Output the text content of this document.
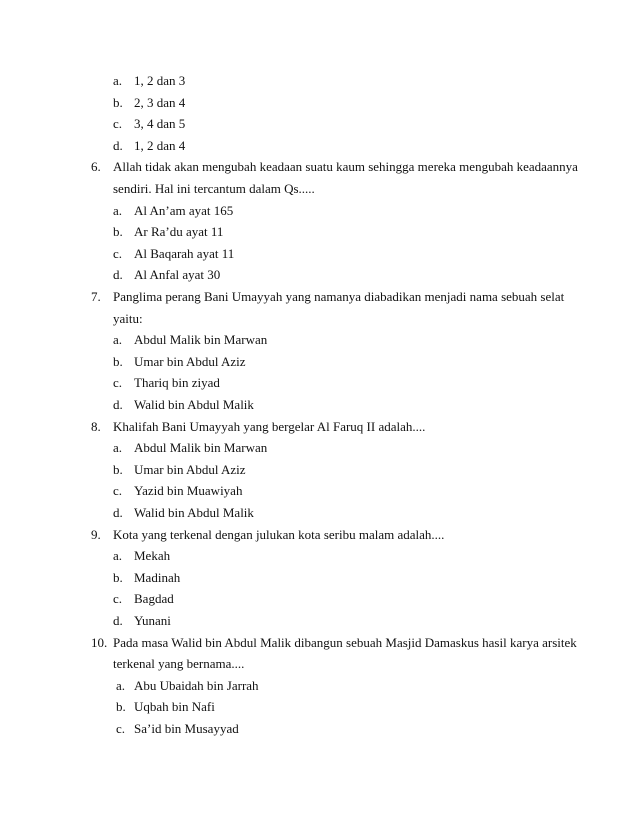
a. 1, 2 dan 3
b. 2, 3 dan 4
c. 3, 4 dan 5
d. 1, 2 dan 4
6. Allah tidak akan mengubah keadaan suatu kaum sehingga mereka mengubah keadaannya
sendiri. Hal ini tercantum dalam Qs.....
a. Al An’am ayat 165
b. Ar Ra’du ayat 11
c. Al Baqarah ayat 11
d. Al Anfal ayat 30
7. Panglima perang Bani Umayyah yang namanya diabadikan menjadi nama sebuah selat
yaitu:
a. Abdul Malik bin Marwan
b. Umar bin Abdul Aziz
c. Thariq bin ziyad
d. Walid bin Abdul Malik
8. Khalifah Bani Umayyah yang bergelar Al Faruq II adalah....
a. Abdul Malik bin Marwan
b. Umar bin Abdul Aziz
c. Yazid bin Muawiyah
d. Walid bin Abdul Malik
9. Kota yang terkenal dengan julukan kota seribu malam adalah....
a. Mekah
b. Madinah
c. Bagdad
d. Yunani
10. Pada masa Walid bin Abdul Malik dibangun sebuah Masjid Damaskus hasil karya arsitek
terkenal yang bernama....
a. Abu Ubaidah bin Jarrah
b. Uqbah bin Nafi
c. Sa’id bin Musayyad
